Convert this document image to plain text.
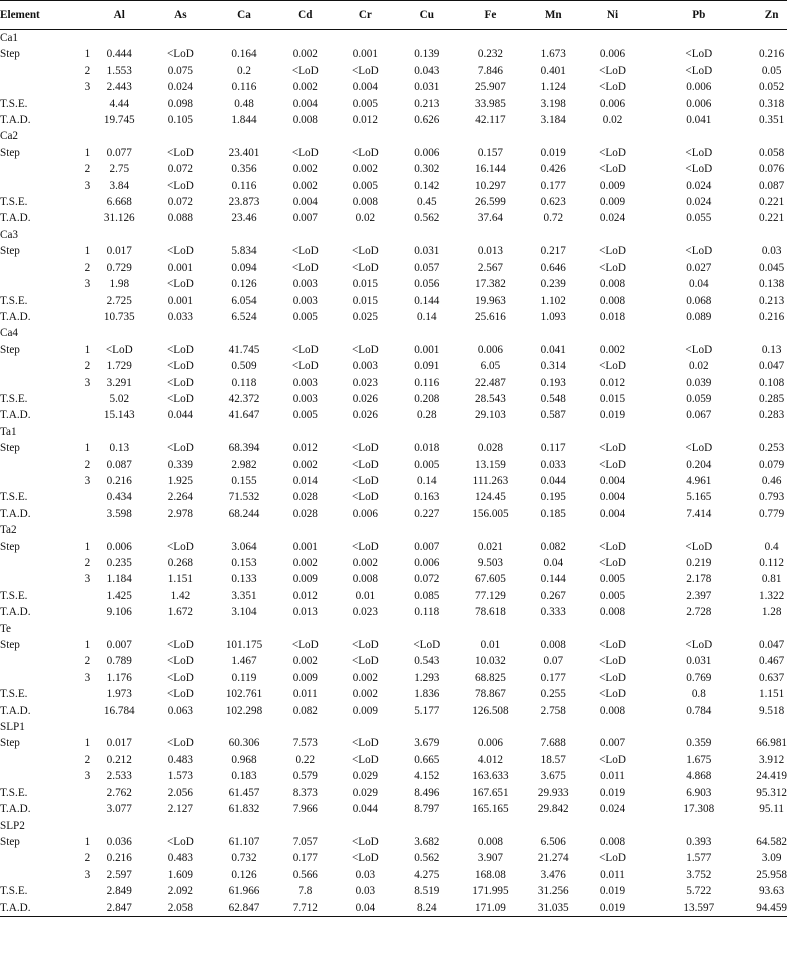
Element		Al	As	Ca	Cd	Cr	Cu	Fe	Mn	Ni	Pb	Zn
Ca1												
Step	1	0.444	<LoD	0.164	0.002	0.001	0.139	0.232	1.673	0.006	<LoD	0.216
	2	1.553	0.075	0.2	<LoD	<LoD	0.043	7.846	0.401	<LoD	<LoD	0.05
	3	2.443	0.024	0.116	0.002	0.004	0.031	25.907	1.124	<LoD	0.006	0.052
T.S.E.		4.44	0.098	0.48	0.004	0.005	0.213	33.985	3.198	0.006	0.006	0.318
T.A.D.		19.745	0.105	1.844	0.008	0.012	0.626	42.117	3.184	0.02	0.041	0.351
Ca2												
Step	1	0.077	<LoD	23.401	<LoD	<LoD	0.006	0.157	0.019	<LoD	<LoD	0.058
	2	2.75	0.072	0.356	0.002	0.002	0.302	16.144	0.426	<LoD	<LoD	0.076
	3	3.84	<LoD	0.116	0.002	0.005	0.142	10.297	0.177	0.009	0.024	0.087
T.S.E.		6.668	0.072	23.873	0.004	0.008	0.45	26.599	0.623	0.009	0.024	0.221
T.A.D.		31.126	0.088	23.46	0.007	0.02	0.562	37.64	0.72	0.024	0.055	0.221
Ca3												
Step	1	0.017	<LoD	5.834	<LoD	<LoD	0.031	0.013	0.217	<LoD	<LoD	0.03
	2	0.729	0.001	0.094	<LoD	<LoD	0.057	2.567	0.646	<LoD	0.027	0.045
	3	1.98	<LoD	0.126	0.003	0.015	0.056	17.382	0.239	0.008	0.04	0.138
T.S.E.		2.725	0.001	6.054	0.003	0.015	0.144	19.963	1.102	0.008	0.068	0.213
T.A.D.		10.735	0.033	6.524	0.005	0.025	0.14	25.616	1.093	0.018	0.089	0.216
Ca4												
Step	1	<LoD	<LoD	41.745	<LoD	<LoD	0.001	0.006	0.041	0.002	<LoD	0.13
	2	1.729	<LoD	0.509	<LoD	0.003	0.091	6.05	0.314	<LoD	0.02	0.047
	3	3.291	<LoD	0.118	0.003	0.023	0.116	22.487	0.193	0.012	0.039	0.108
T.S.E.		5.02	<LoD	42.372	0.003	0.026	0.208	28.543	0.548	0.015	0.059	0.285
T.A.D.		15.143	0.044	41.647	0.005	0.026	0.28	29.103	0.587	0.019	0.067	0.283
Ta1												
Step	1	0.13	<LoD	68.394	0.012	<LoD	0.018	0.028	0.117	<LoD	<LoD	0.253
	2	0.087	0.339	2.982	0.002	<LoD	0.005	13.159	0.033	<LoD	0.204	0.079
	3	0.216	1.925	0.155	0.014	<LoD	0.14	111.263	0.044	0.004	4.961	0.46
T.S.E.		0.434	2.264	71.532	0.028	<LoD	0.163	124.45	0.195	0.004	5.165	0.793
T.A.D.		3.598	2.978	68.244	0.028	0.006	0.227	156.005	0.185	0.004	7.414	0.779
Ta2												
Step	1	0.006	<LoD	3.064	0.001	<LoD	0.007	0.021	0.082	<LoD	<LoD	0.4
	2	0.235	0.268	0.153	0.002	0.002	0.006	9.503	0.04	<LoD	0.219	0.112
	3	1.184	1.151	0.133	0.009	0.008	0.072	67.605	0.144	0.005	2.178	0.81
T.S.E.		1.425	1.42	3.351	0.012	0.01	0.085	77.129	0.267	0.005	2.397	1.322
T.A.D.		9.106	1.672	3.104	0.013	0.023	0.118	78.618	0.333	0.008	2.728	1.28
Te												
Step	1	0.007	<LoD	101.175	<LoD	<LoD	<LoD	0.01	0.008	<LoD	<LoD	0.047
	2	0.789	<LoD	1.467	0.002	<LoD	0.543	10.032	0.07	<LoD	0.031	0.467
	3	1.176	<LoD	0.119	0.009	0.002	1.293	68.825	0.177	<LoD	0.769	0.637
T.S.E.		1.973	<LoD	102.761	0.011	0.002	1.836	78.867	0.255	<LoD	0.8	1.151
T.A.D.		16.784	0.063	102.298	0.082	0.009	5.177	126.508	2.758	0.008	0.784	9.518
SLP1												
Step	1	0.017	<LoD	60.306	7.573	<LoD	3.679	0.006	7.688	0.007	0.359	66.981
	2	0.212	0.483	0.968	0.22	<LoD	0.665	4.012	18.57	<LoD	1.675	3.912
	3	2.533	1.573	0.183	0.579	0.029	4.152	163.633	3.675	0.011	4.868	24.419
T.S.E.		2.762	2.056	61.457	8.373	0.029	8.496	167.651	29.933	0.019	6.903	95.312
T.A.D.		3.077	2.127	61.832	7.966	0.044	8.797	165.165	29.842	0.024	17.308	95.11
SLP2												
Step	1	0.036	<LoD	61.107	7.057	<LoD	3.682	0.008	6.506	0.008	0.393	64.582
	2	0.216	0.483	0.732	0.177	<LoD	0.562	3.907	21.274	<LoD	1.577	3.09
	3	2.597	1.609	0.126	0.566	0.03	4.275	168.08	3.476	0.011	3.752	25.958
T.S.E.		2.849	2.092	61.966	7.8	0.03	8.519	171.995	31.256	0.019	5.722	93.63
T.A.D.		2.847	2.058	62.847	7.712	0.04	8.24	171.09	31.035	0.019	13.597	94.459
